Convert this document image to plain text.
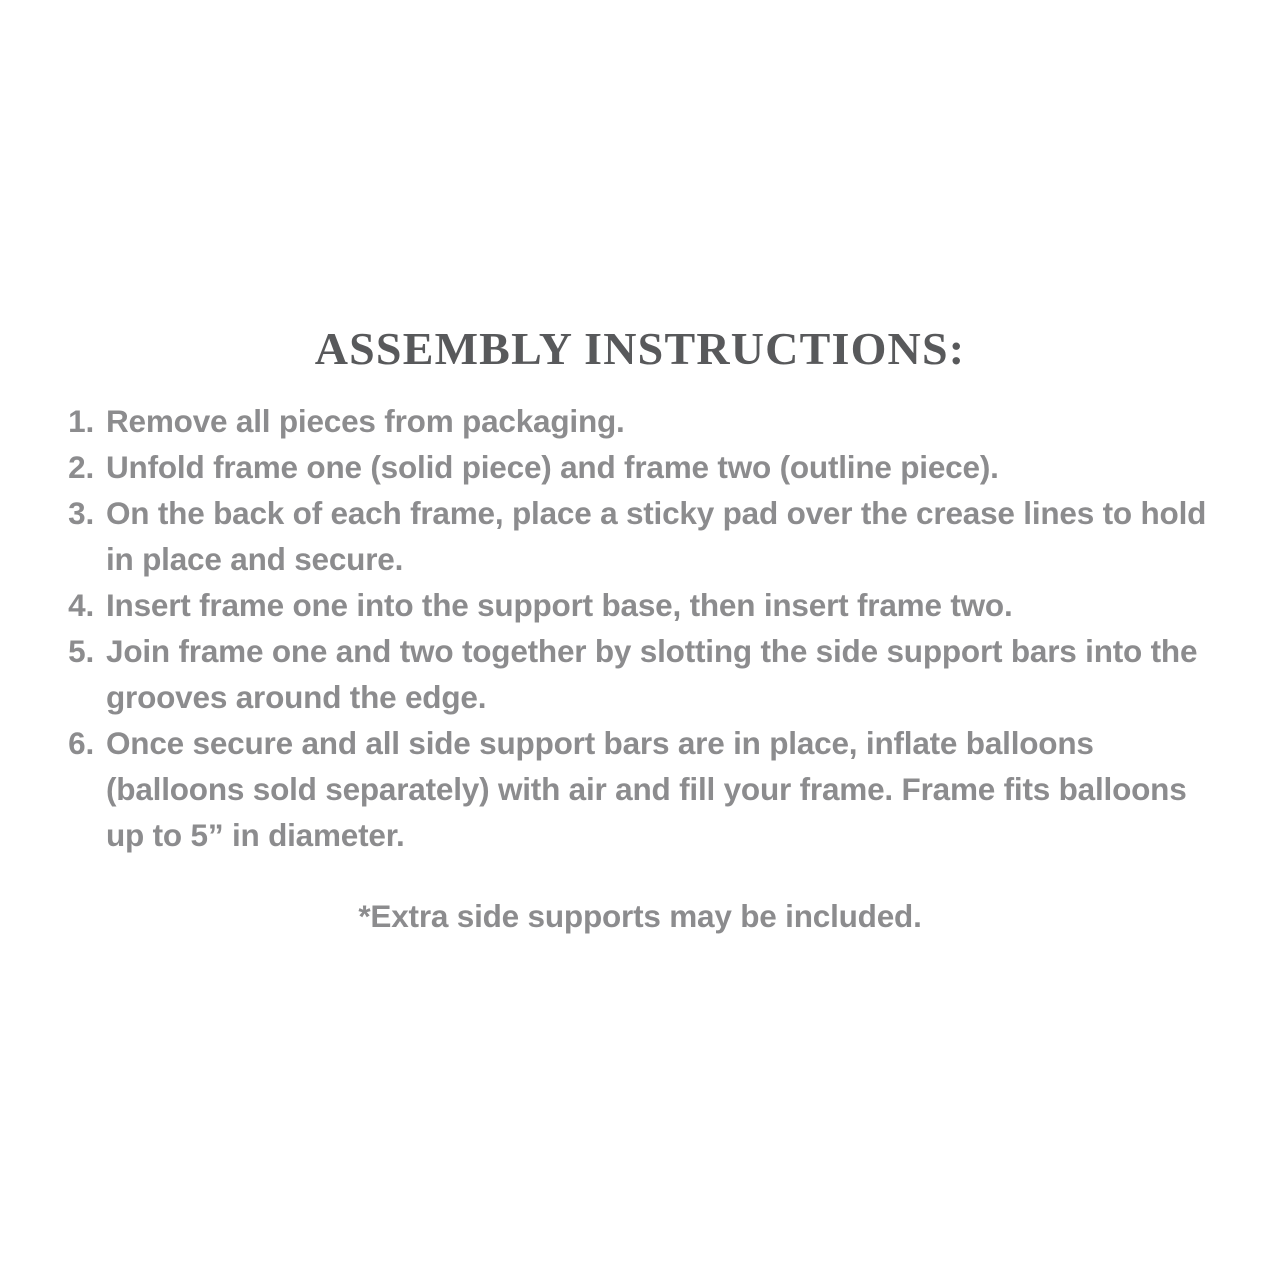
ASSEMBLY INSTRUCTIONS:
1. Remove all pieces from packaging.
2. Unfold frame one (solid piece) and frame two (outline piece).
3. On the back of each frame, place a sticky pad over the crease lines to hold in place and secure.
4. Insert frame one into the support base, then insert frame two.
5. Join frame one and two together by slotting the side support bars into the grooves around the edge.
6. Once secure and all side support bars are in place, inflate balloons (balloons sold separately) with air and fill your frame. Frame fits balloons up to 5” in diameter.
*Extra side supports may be included.
